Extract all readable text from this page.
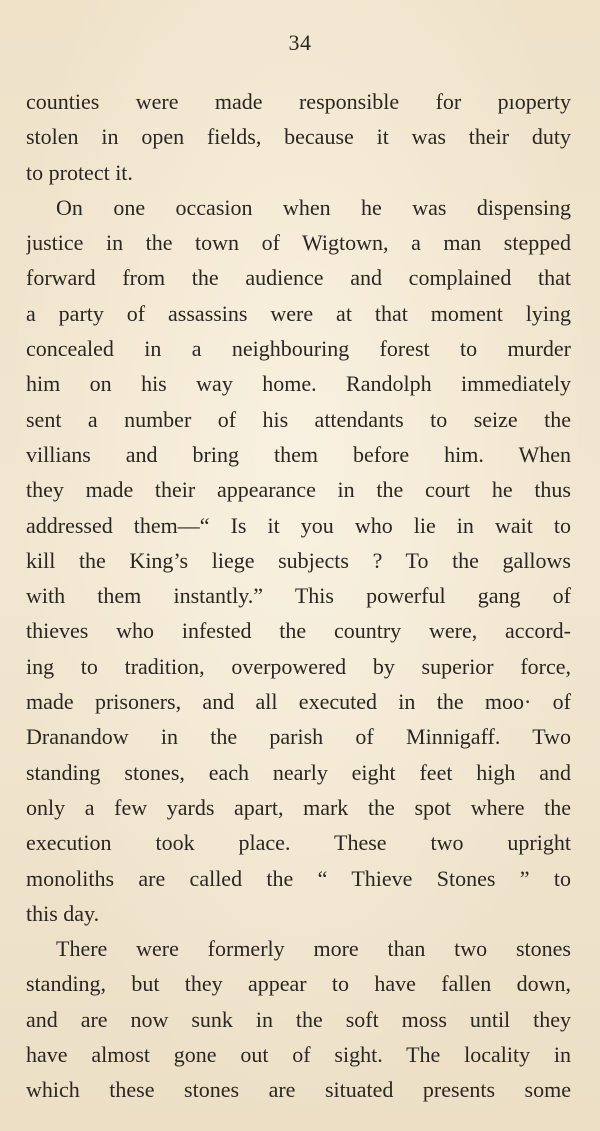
34
counties were made responsible for pıoperty
stolen in open fields, because it was their duty
to protect it.
On one occasion when he was dispensing
justice in the town of Wigtown, a man stepped
forward from the audience and complained that
a party of assassins were at that moment lying
concealed in a neighbouring forest to murder
him on his way home. Randolph immediately
sent a number of his attendants to seize the
villians and bring them before him. When
they made their appearance in the court he thus
addressed them—“ Is it you who lie in wait to
kill the King’s liege subjects ? To the gallows
with them instantly.” This powerful gang of
thieves who infested the country were, accord-
ing to tradition, overpowered by superior force,
made prisoners, and all executed in the moo· of
Dranandow in the parish of Minnigaff. Two
standing stones, each nearly eight feet high and
only a few yards apart, mark the spot where the
execution took place. These two upright
monoliths are called the “ Thieve Stones ” to
this day.
There were formerly more than two stones
standing, but they appear to have fallen down,
and are now sunk in the soft moss until they
have almost gone out of sight. The locality in
which these stones are situated presents some
